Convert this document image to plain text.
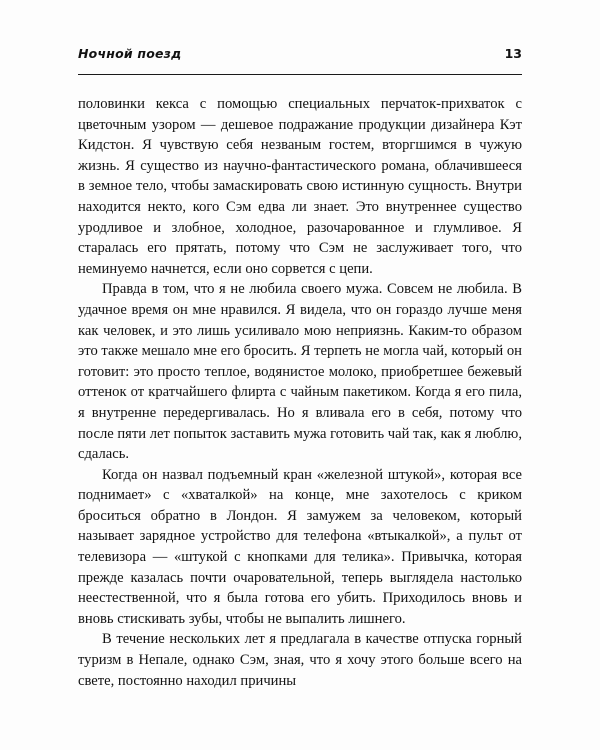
Ночной поезд	13

половинки кекса с помощью специальных перчаток-прихваток с цветочным узором — дешевое подражание продукции дизайнера Кэт Кидстон. Я чувствую себя незваным гостем, вторгшимся в чужую жизнь. Я существо из научно-фантастического романа, облачившееся в земное тело, чтобы замаскировать свою истинную сущность. Внутри находится некто, кого Сэм едва ли знает. Это внутреннее существо уродливое и злобное, холодное, разочарованное и глумливое. Я старалась его прятать, потому что Сэм не заслуживает того, что неминуемо начнется, если оно сорвется с цепи.

Правда в том, что я не любила своего мужа. Совсем не любила. В удачное время он мне нравился. Я видела, что он гораздо лучше меня как человек, и это лишь усиливало мою неприязнь. Каким-то образом это также мешало мне его бросить. Я терпеть не могла чай, который он готовит: это просто теплое, водянистое молоко, приобретшее бежевый оттенок от кратчайшего флирта с чайным пакетиком. Когда я его пила, я внутренне передергивалась. Но я вливала его в себя, потому что после пяти лет попыток заставить мужа готовить чай так, как я люблю, сдалась.

Когда он назвал подъемный кран «железной штукой», которая все поднимает» с «хваталкой» на конце, мне захотелось с криком броситься обратно в Лондон. Я замужем за человеком, который называет зарядное устройство для телефона «втыкалкой», а пульт от телевизора — «штукой с кнопками для телика». Привычка, которая прежде казалась почти очаровательной, теперь выглядела настолько неестественной, что я была готова его убить. Приходилось вновь и вновь стискивать зубы, чтобы не выпалить лишнего.

В течение нескольких лет я предлагала в качестве отпуска горный туризм в Непале, однако Сэм, зная, что я хочу этого больше всего на свете, постоянно находил причины
